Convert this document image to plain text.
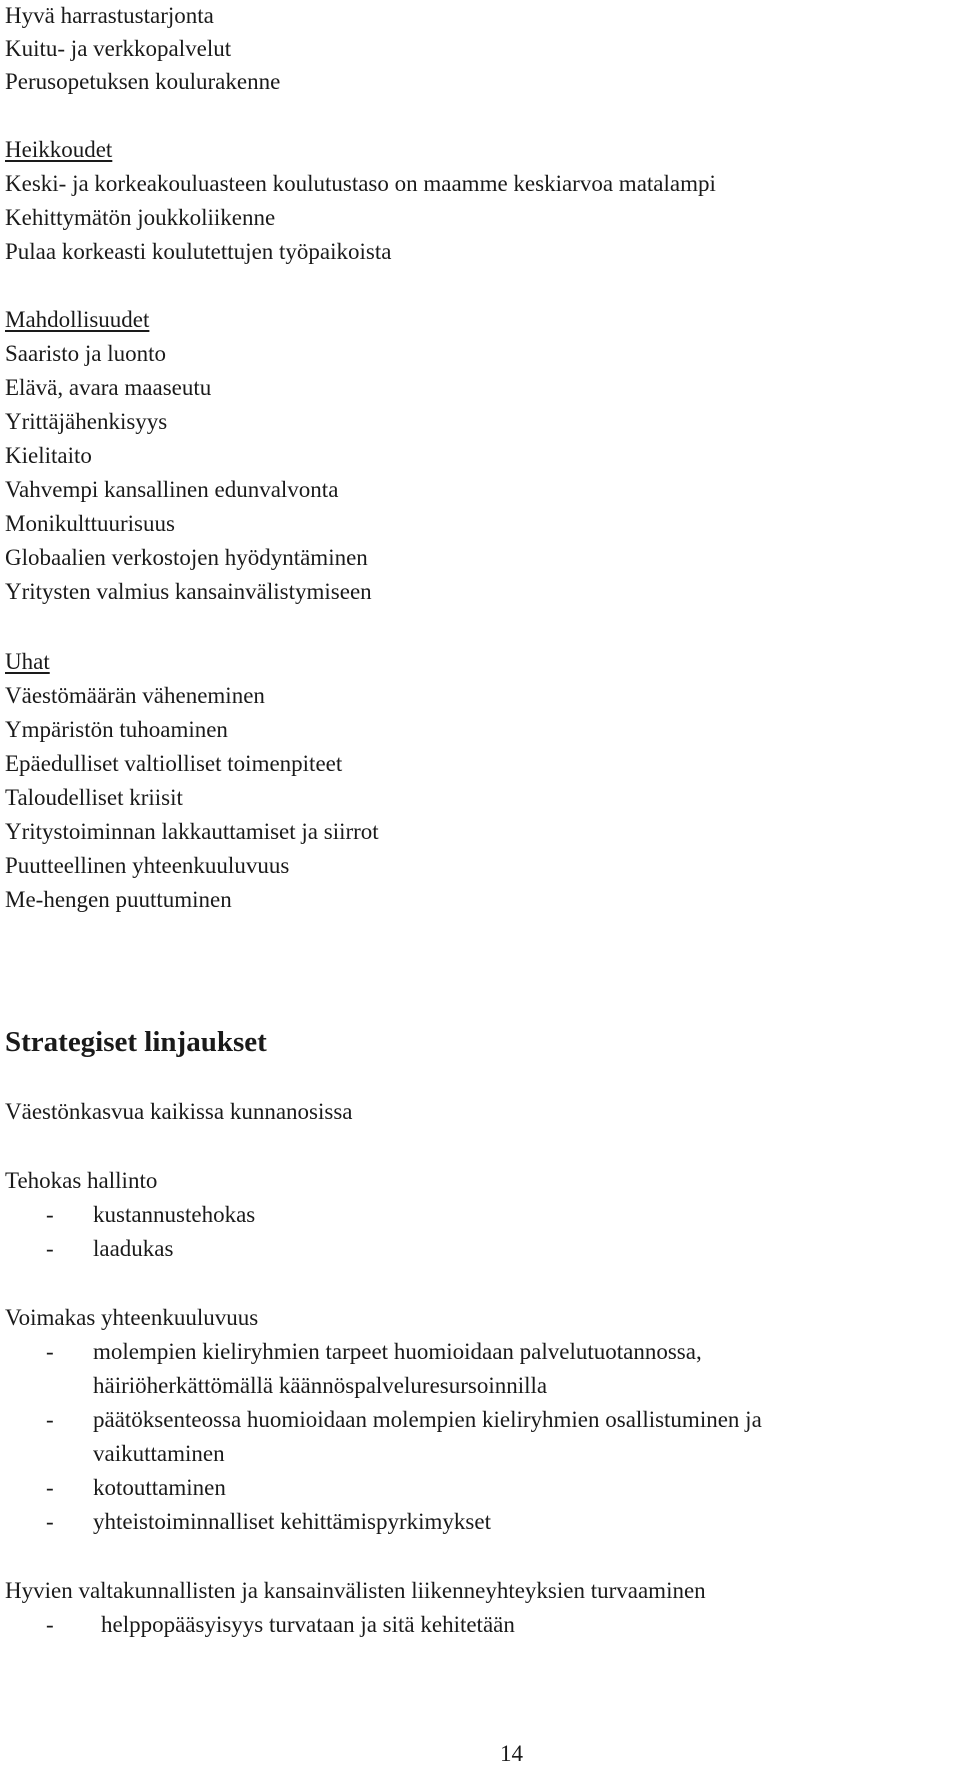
Hyvä harrastustarjonta
Kuitu- ja verkkopalvelut
Perusopetuksen koulurakenne
Heikkoudet
Keski- ja korkeakouluasteen koulutustaso on maamme keskiarvoa matalampi
Kehittymätön joukkoliikenne
Pulaa korkeasti koulutettujen työpaikoista
Mahdollisuudet
Saaristo ja luonto
Elävä, avara maaseutu
Yrittäjähenkisyys
Kielitaito
Vahvempi kansallinen edunvalvonta
Monikulttuurisuus
Globaalien verkostojen hyödyntäminen
Yritysten valmius kansainvälistymiseen
Uhat
Väestömäärän väheneminen
Ympäristön tuhoaminen
Epäedulliset valtiolliset toimenpiteet
Taloudelliset kriisit
Yritystoiminnan lakkauttamiset ja siirrot
Puutteellinen yhteenkuuluvuus
Me-hengen puuttuminen
Strategiset linjaukset
Väestönkasvua kaikissa kunnanosissa
Tehokas hallinto
- kustannustehokas
- laadukas
Voimakas yhteenkuuluvuus
- molempien kieliryhmien tarpeet huomioidaan palvelutuotannossa,
häiriöherkättömällä käännöspalveluresursoinnilla
- päätöksenteossa huomioidaan molempien kieliryhmien osallistuminen ja
vaikuttaminen
- kotouttaminen
- yhteistoiminnalliset kehittämispyrkimykset
Hyvien valtakunnallisten ja kansainvälisten liikenneyhteyksien turvaaminen
- helppopääsyisyys turvataan ja sitä kehitetään
14
